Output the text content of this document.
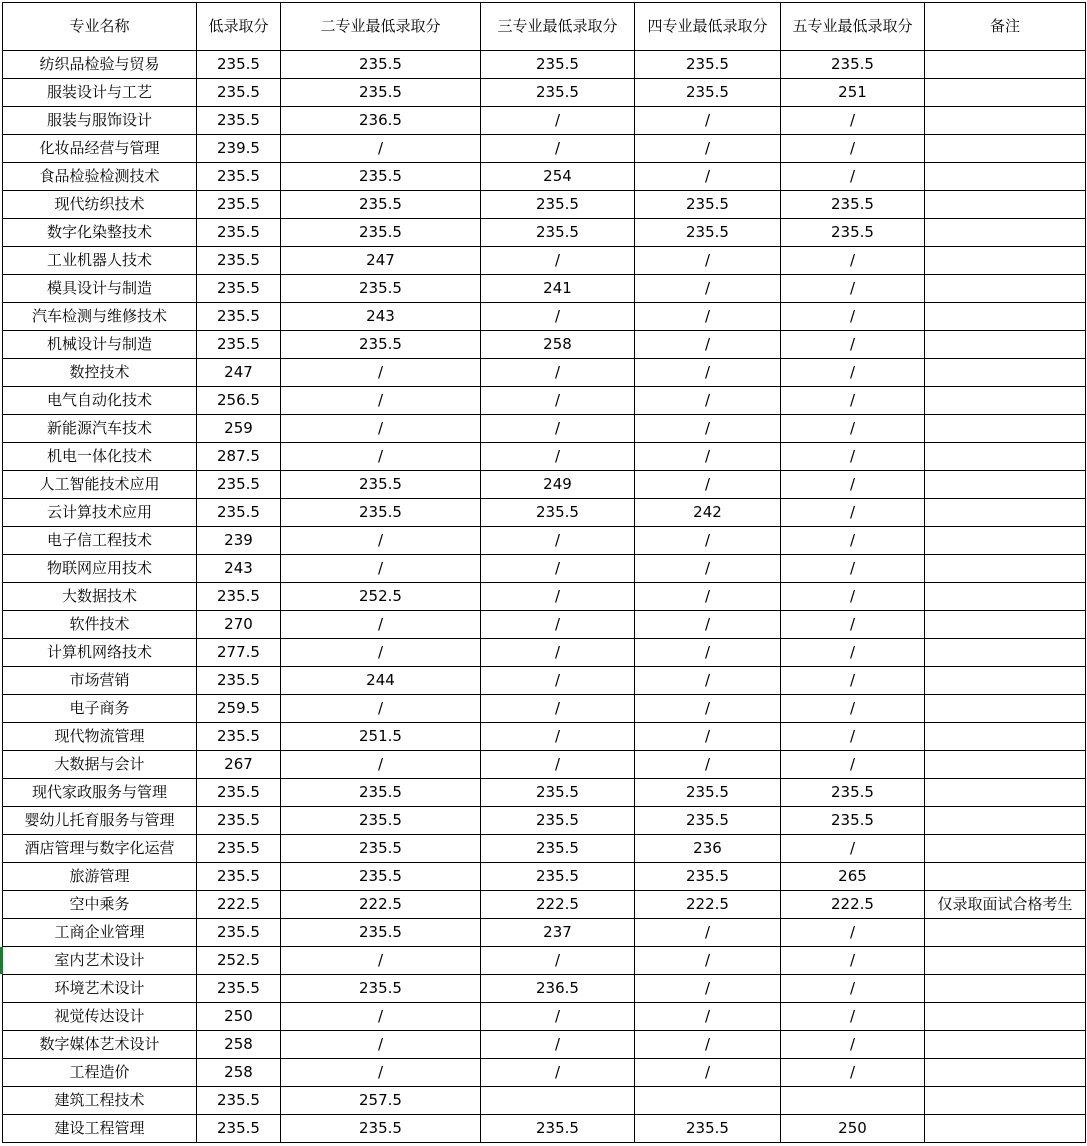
专业名称	低录取分	二专业最低录取分	三专业最低录取分	四专业最低录取分	五专业最低录取分	备注
纺织品检验与贸易	235.5	235.5	235.5	235.5	235.5	
服装设计与工艺	235.5	235.5	235.5	235.5	251	
服装与服饰设计	235.5	236.5	/	/	/	
化妆品经营与管理	239.5	/	/	/	/	
食品检验检测技术	235.5	235.5	254	/	/	
现代纺织技术	235.5	235.5	235.5	235.5	235.5	
数字化染整技术	235.5	235.5	235.5	235.5	235.5	
工业机器人技术	235.5	247	/	/	/	
模具设计与制造	235.5	235.5	241	/	/	
汽车检测与维修技术	235.5	243	/	/	/	
机械设计与制造	235.5	235.5	258	/	/	
数控技术	247	/	/	/	/	
电气自动化技术	256.5	/	/	/	/	
新能源汽车技术	259	/	/	/	/	
机电一体化技术	287.5	/	/	/	/	
人工智能技术应用	235.5	235.5	249	/	/	
云计算技术应用	235.5	235.5	235.5	242	/	
电子信工程技术	239	/	/	/	/	
物联网应用技术	243	/	/	/	/	
大数据技术	235.5	252.5	/	/	/	
软件技术	270	/	/	/	/	
计算机网络技术	277.5	/	/	/	/	
市场营销	235.5	244	/	/	/	
电子商务	259.5	/	/	/	/	
现代物流管理	235.5	251.5	/	/	/	
大数据与会计	267	/	/	/	/	
现代家政服务与管理	235.5	235.5	235.5	235.5	235.5	
婴幼儿托育服务与管理	235.5	235.5	235.5	235.5	235.5	
酒店管理与数字化运营	235.5	235.5	235.5	236	/	
旅游管理	235.5	235.5	235.5	235.5	265	
空中乘务	222.5	222.5	222.5	222.5	222.5	仅录取面试合格考生
工商企业管理	235.5	235.5	237	/	/	
室内艺术设计	252.5	/	/	/	/	
环境艺术设计	235.5	235.5	236.5	/	/	
视觉传达设计	250	/	/	/	/	
数字媒体艺术设计	258	/	/	/	/	
工程造价	258	/	/	/	/	
建筑工程技术	235.5	257.5				
建设工程管理	235.5	235.5	235.5	235.5	250	
